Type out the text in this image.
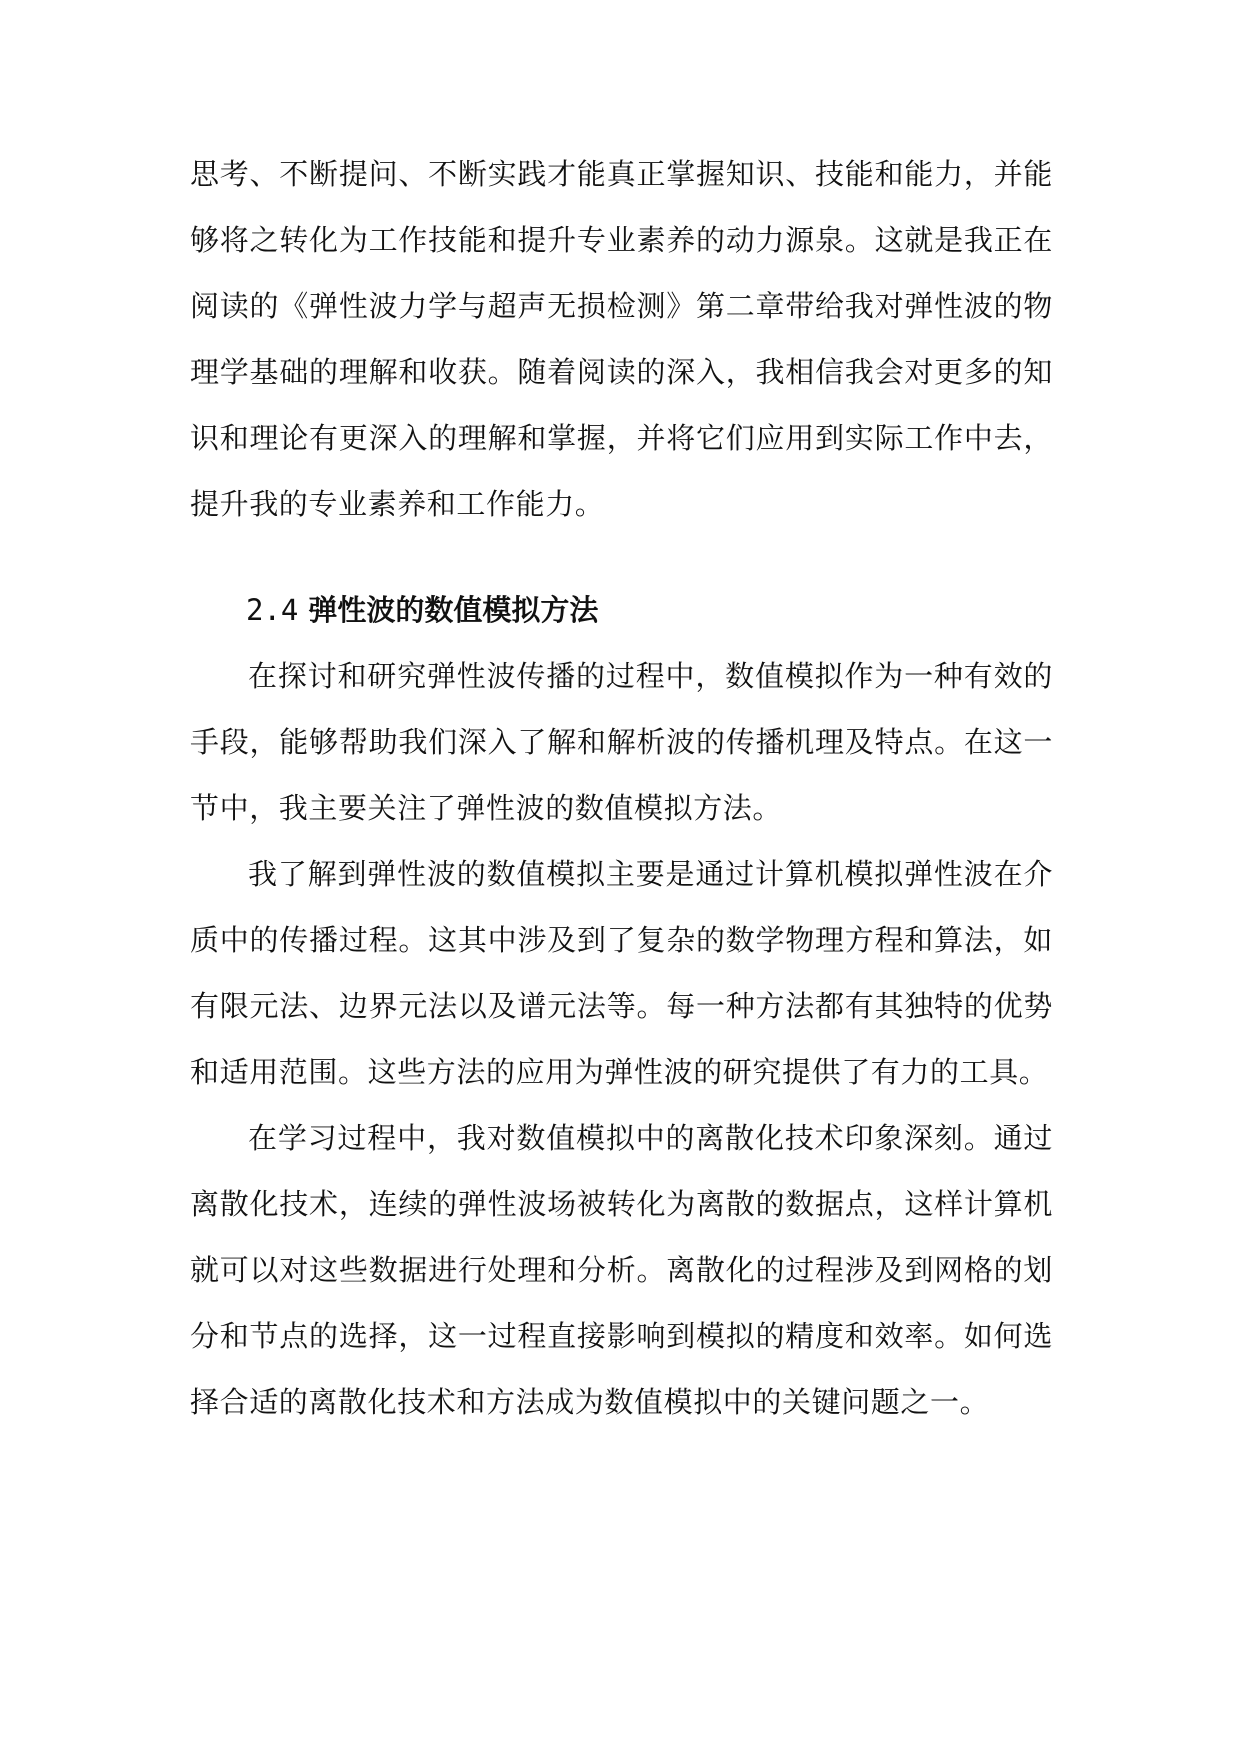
思考、不断提问、不断实践才能真正掌握知识、技能和能力，并能够将之转化为工作技能和提升专业素养的动力源泉。这就是我正在阅读的《弹性波力学与超声无损检测》第二章带给我对弹性波的物理学基础的理解和收获。随着阅读的深入，我相信我会对更多的知识和理论有更深入的理解和掌握，并将它们应用到实际工作中去，提升我的专业素养和工作能力。

2.4 弹性波的数值模拟方法

在探讨和研究弹性波传播的过程中，数值模拟作为一种有效的手段，能够帮助我们深入了解和解析波的传播机理及特点。在这一节中，我主要关注了弹性波的数值模拟方法。

我了解到弹性波的数值模拟主要是通过计算机模拟弹性波在介质中的传播过程。这其中涉及到了复杂的数学物理方程和算法，如有限元法、边界元法以及谱元法等。每一种方法都有其独特的优势和适用范围。这些方法的应用为弹性波的研究提供了有力的工具。

在学习过程中，我对数值模拟中的离散化技术印象深刻。通过离散化技术，连续的弹性波场被转化为离散的数据点，这样计算机就可以对这些数据进行处理和分析。离散化的过程涉及到网格的划分和节点的选择，这一过程直接影响到模拟的精度和效率。如何选择合适的离散化技术和方法成为数值模拟中的关键问题之一。
